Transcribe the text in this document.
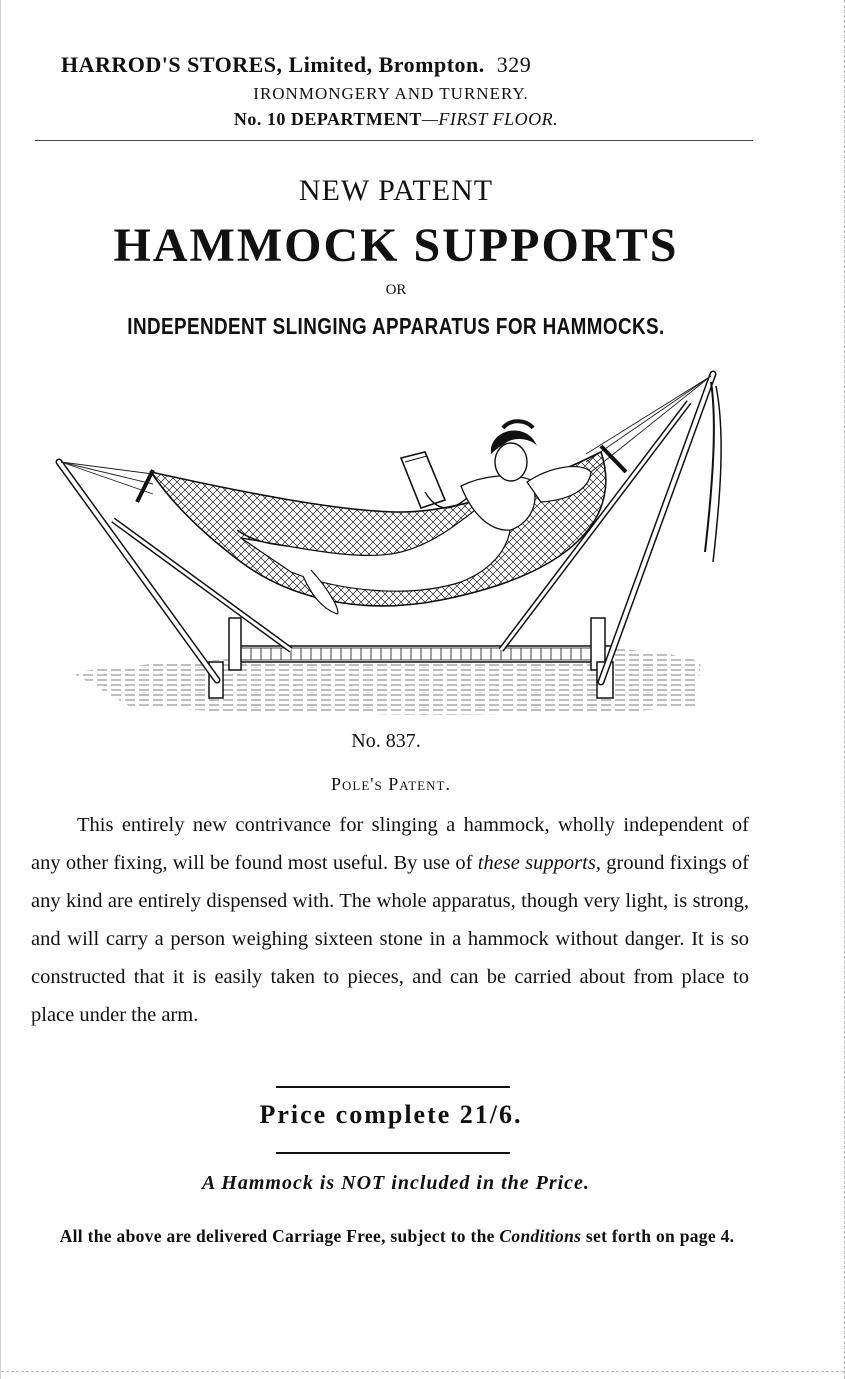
HARROD'S STORES, Limited, Brompton. 329
IRONMONGERY AND TURNERY.
No. 10 DEPARTMENT—FIRST FLOOR.
NEW PATENT
HAMMOCK SUPPORTS
OR
INDEPENDENT SLINGING APPARATUS FOR HAMMOCKS.
No. 837.
Pole's Patent.

This entirely new contrivance for slinging a hammock, wholly independent of any other fixing, will be found most useful. By use of these supports, ground fixings of any kind are entirely dispensed with. The whole apparatus, though very light, is strong, and will carry a person weighing sixteen stone in a hammock without danger. It is so constructed that it is easily taken to pieces, and can be carried about from place to place under the arm.

Price complete 21/6.
A Hammock is NOT included in the Price.
All the above are delivered Carriage Free, subject to the Conditions set forth on page 4.
